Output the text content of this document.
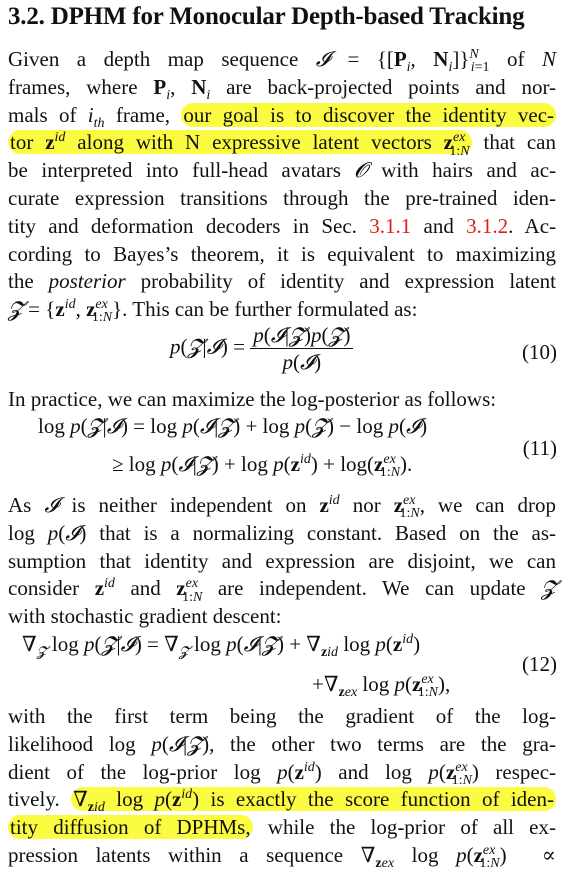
3.2. DPHM for Monocular Depth-based Tracking
Given a depth map sequence 𝓘 = {[$P_i$, $N_i]\}^N_{i=1}$ of N
frames, where $P_i$, $N_i$ are back-projected points and nor-
mals of $i_{th}$ frame, our goal is to discover the identity vec-
tor $z^{id}$ along with N expressive latent vectors $z^{ex}_{1:N}$ that can
be interpreted into full-head avatars 𝓞 with hairs and ac-
curate expression transitions through the pre-trained iden-
tity and deformation decoders in Sec. 3.1.1 and 3.1.2. Ac-
cording to Bayes’s theorem, it is equivalent to maximizing
the posterior probability of identity and expression latent
𝓩 = {$z^{id}$, $z^{ex}_{1:N}$}. This can be further formulated as:
p(𝓩|𝓘) = $\frac{\text{p(𝓘|𝓩)p(𝓩)}}{\text{p(𝓘)}}$	(10)
In practice, we can maximize the log-posterior as follows:
log p(𝓩|𝓘) = log p(𝓘|𝓩) + log p(𝓩) − log p(𝓘)
≥ log p(𝓘|𝓩) + $\log p(z^{id}) + \log(z^{ex}_{1:N})$.
(11)
As 𝓘 is neither independent on $z^{id}$ nor $z^{ex}_{1:N}$, we can drop
log p(𝓘) that is a normalizing constant. Based on the as-
sumption that identity and expression are disjoint, we can
consider $z^{id}$ and $z^{ex}_{1:N}$ are independent. We can update 𝓩
with stochastic gradient descent:
$\nabla_𝓩$ log p(𝓩|𝓘) = $\nabla_𝓩$ log p(𝓘|𝓩) + $\nabla_{zid}$ $\log p(z^{id})$
$+\nabla_{zex}$ $\log p(z^{ex}_{1:N})$,
(12)
with the first term being the gradient of the log-
likelihood log p(𝓘|𝓩), the other two terms are the gra-
dient of the log-prior $\log p(z^{id})$ and $\log p(z^{ex}_{1:N})$ respec-
tively. $\nabla_{zid}$ $\log p(z^{id})$ is exactly the score function of iden-
tity diffusion of DPHMs, while the log-prior of all ex-
pression latents within a sequence $\nabla_{zex}$ $\log p(z^{ex}_{1:N})$  ∝
